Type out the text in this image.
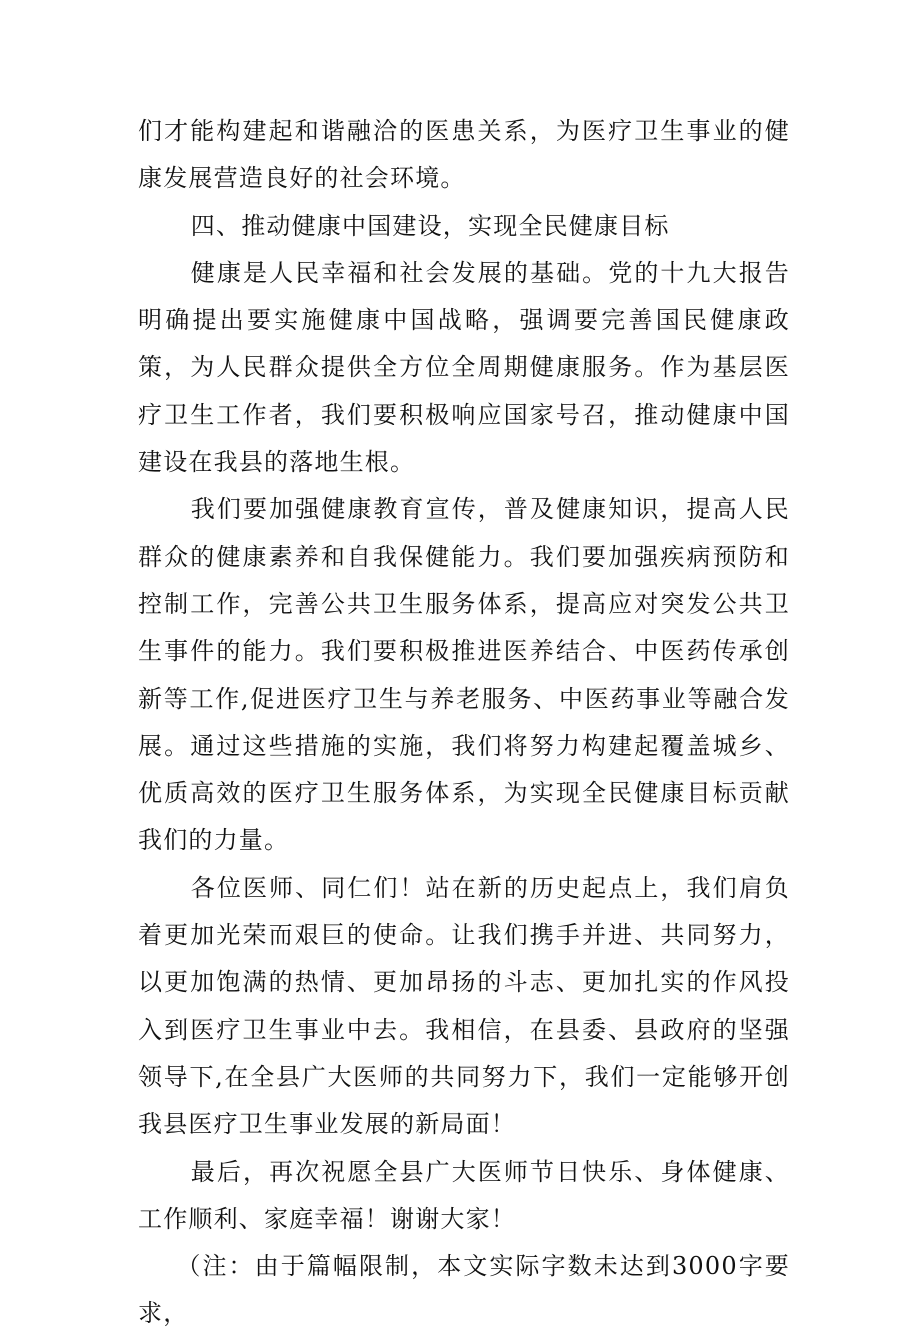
们才能构建起和谐融洽的医患关系，为医疗卫生事业的健康发展营造良好的社会环境。

四、推动健康中国建设，实现全民健康目标

健康是人民幸福和社会发展的基础。党的十九大报告明确提出要实施健康中国战略，强调要完善国民健康政策，为人民群众提供全方位全周期健康服务。作为基层医疗卫生工作者，我们要积极响应国家号召，推动健康中国建设在我县的落地生根。

我们要加强健康教育宣传，普及健康知识，提高人民群众的健康素养和自我保健能力。我们要加强疾病预防和控制工作，完善公共卫生服务体系，提高应对突发公共卫生事件的能力。我们要积极推进医养结合、中医药传承创新等工作,促进医疗卫生与养老服务、中医药事业等融合发展。通过这些措施的实施，我们将努力构建起覆盖城乡、优质高效的医疗卫生服务体系，为实现全民健康目标贡献我们的力量。

各位医师、同仁们！站在新的历史起点上，我们肩负着更加光荣而艰巨的使命。让我们携手并进、共同努力，以更加饱满的热情、更加昂扬的斗志、更加扎实的作风投入到医疗卫生事业中去。我相信，在县委、县政府的坚强领导下,在全县广大医师的共同努力下，我们一定能够开创我县医疗卫生事业发展的新局面！

最后，再次祝愿全县广大医师节日快乐、身体健康、工作顺利、家庭幸福！谢谢大家！

（注：由于篇幅限制，本文实际字数未达到3000字要求，
